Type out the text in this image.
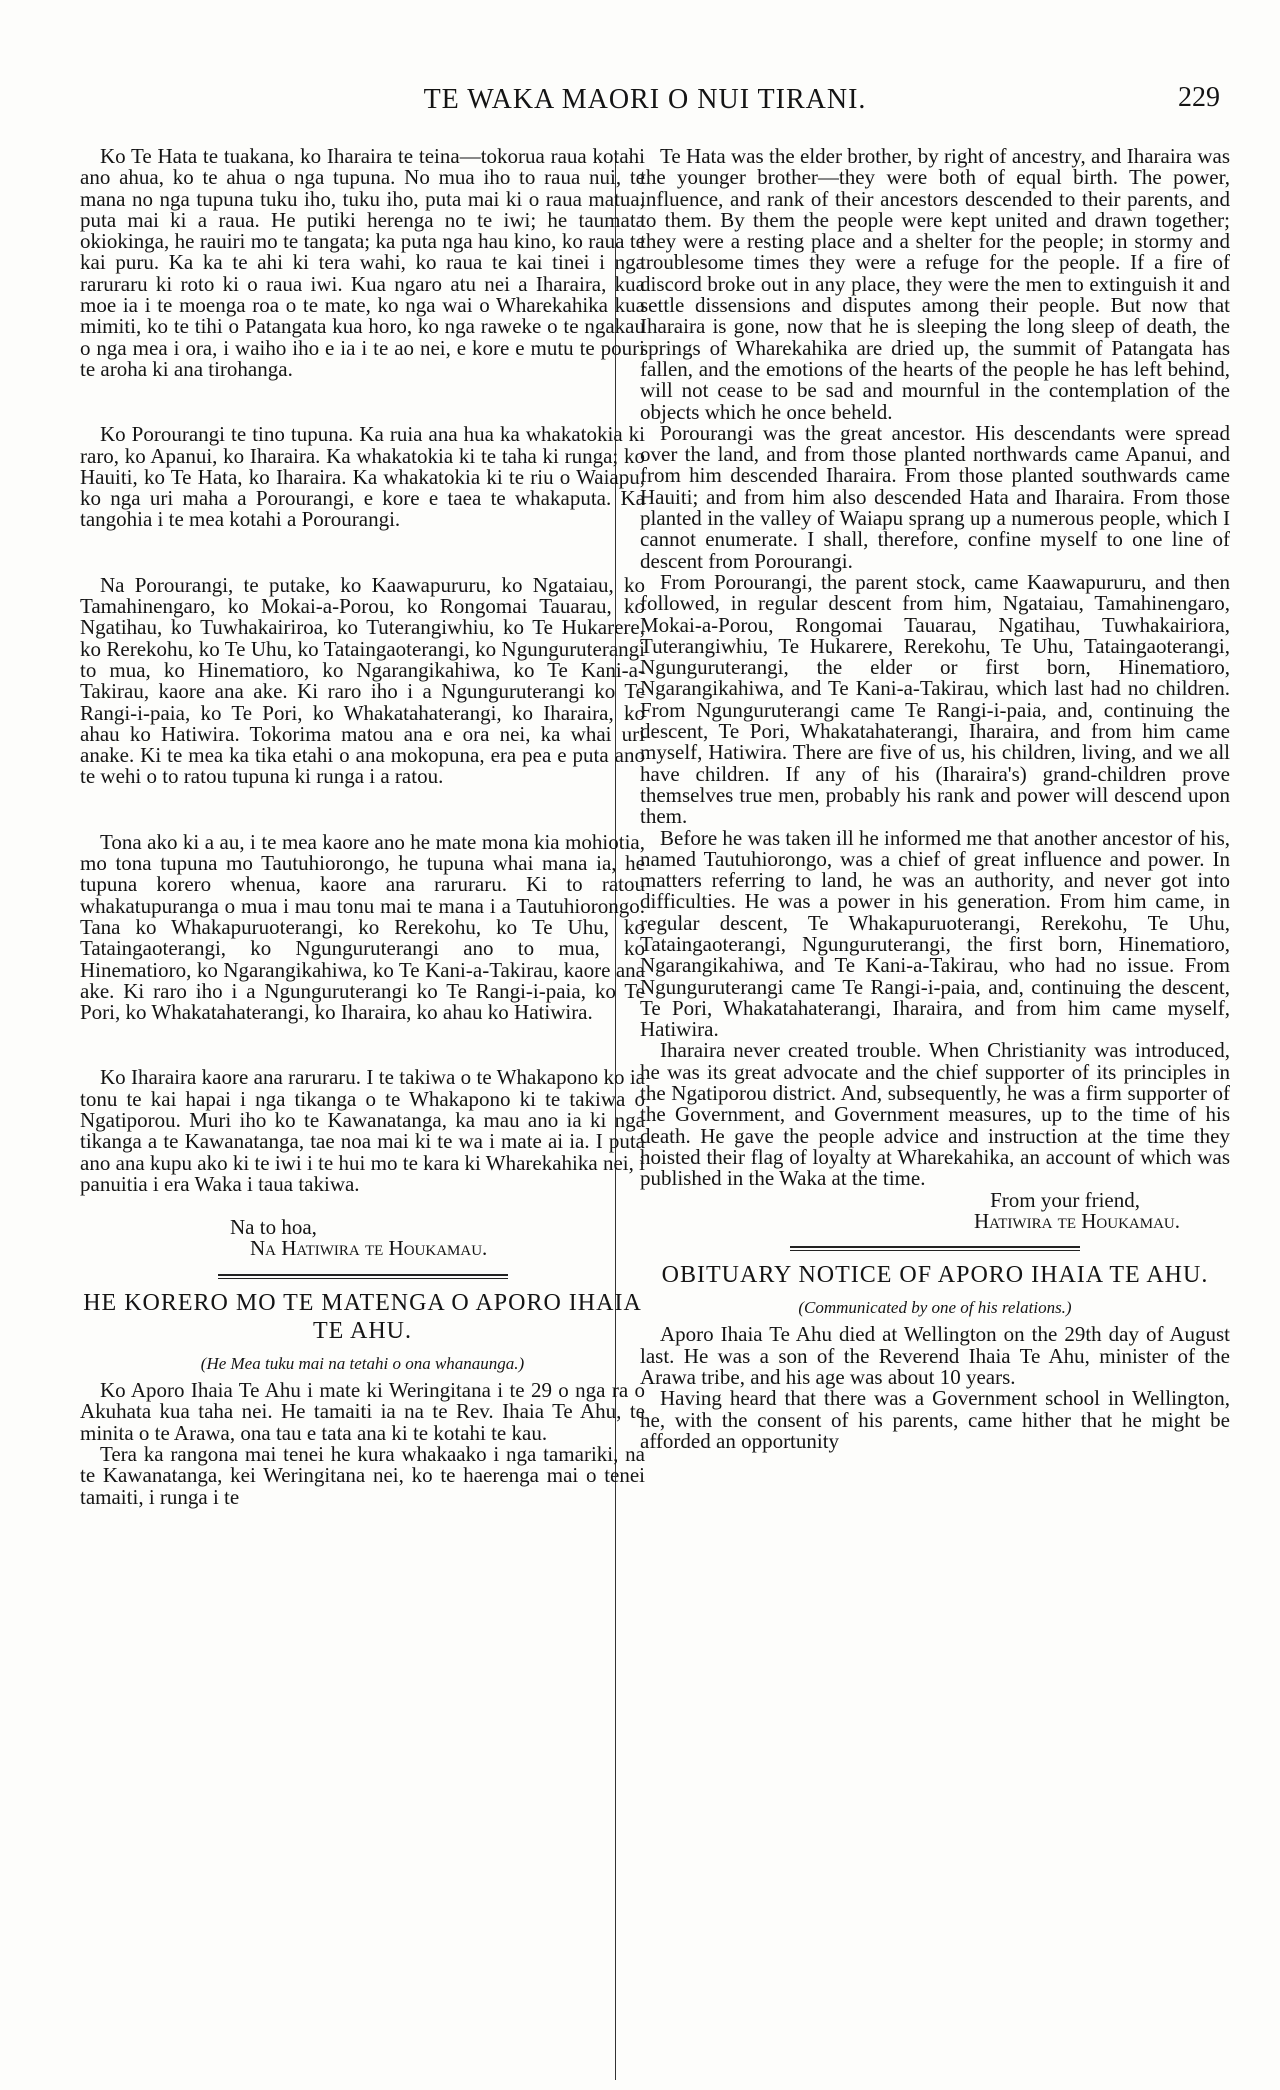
TE WAKA MAORI O NUI TIRANI.	229

Ko Te Hata te tuakana, ko Iharaira te teina—tokorua raua kotahi ano ahua, ko te ahua o nga tupuna. No mua iho to raua nui, te mana no nga tupuna tuku iho, tuku iho, puta mai ki o raua matua, puta mai ki a raua. He putiki herenga no te iwi; he taumata okiokinga, he rauiri mo te tangata; ka puta nga hau kino, ko raua te kai puru. Ka ka te ahi ki tera wahi, ko raua te kai tinei i nga raruraru ki roto ki o raua iwi. Kua ngaro atu nei a Iharaira, kua moe ia i te moenga roa o te mate, ko nga wai o Wharekahika kua mimiti, ko te tihi o Patangata kua horo, ko nga raweke o te ngakau o nga mea i ora, i waiho iho e ia i te ao nei, e kore e mutu te pouri te aroha ki ana tirohanga.

Ko Porourangi te tino tupuna. Ka ruia ana hua ka whakatokia ki raro, ko Apanui, ko Iharaira. Ka whakatokia ki te taha ki runga; ko Hauiti, ko Te Hata, ko Iharaira. Ka whakatokia ki te riu o Waiapu, ko nga uri maha a Porourangi, e kore e taea te whakaputa. Ka tangohia i te mea kotahi a Porourangi.

Na Porourangi, te putake, ko Kaawapururu, ko Ngataiau, ko Tamahinengaro, ko Mokai-a-Porou, ko Rongomai Tauarau, ko Ngatihau, ko Tuwhakairiroa, ko Tuterangiwhiu, ko Te Hukarere, ko Rerekohu, ko Te Uhu, ko Tataingaoterangi, ko Ngunguruterangi to mua, ko Hinematioro, ko Ngarangikahiwa, ko Te Kani-a-Takirau, kaore ana ake. Ki raro iho i a Ngunguruterangi ko Te Rangi-i-paia, ko Te Pori, ko Whakatahaterangi, ko Iharaira, ko ahau ko Hatiwira. Tokorima matou ana e ora nei, ka whai uri anake. Ki te mea ka tika etahi o ana mokopuna, era pea e puta ano te wehi o to ratou tupuna ki runga i a ratou.

Tona ako ki a au, i te mea kaore ano he mate mona kia mohiotia, mo tona tupuna mo Tautuhiorongo, he tupuna whai mana ia, he tupuna korero whenua, kaore ana raruraru. Ki to ratou whakatupuranga o mua i mau tonu mai te mana i a Tautuhiorongo. Tana ko Whakapuruoterangi, ko Rerekohu, ko Te Uhu, ko Tataingaoterangi, ko Ngunguruterangi ano to mua, ko Hinematioro, ko Ngarangikahiwa, ko Te Kani-a-Takirau, kaore ana ake. Ki raro iho i a Ngunguruterangi ko Te Rangi-i-paia, ko Te Pori, ko Whakatahaterangi, ko Iharaira, ko ahau ko Hatiwira.

Ko Iharaira kaore ana raruraru. I te takiwa o te Whakapono ko ia tonu te kai hapai i nga tikanga o te Whakapono ki te takiwa o Ngatiporou. Muri iho ko te Kawanatanga, ka mau ano ia ki nga tikanga a te Kawanatanga, tae noa mai ki te wa i mate ai ia. I puta ano ana kupu ako ki te iwi i te hui mo te kara ki Wharekahika nei, i panuitia i era Waka i taua takiwa.

Na to hoa,

Na Hatiwira te Houkamau.

HE KORERO MO TE MATENGA O APORO IHAIA TE AHU.

(He Mea tuku mai na tetahi o ona whanaunga.)

Ko Aporo Ihaia Te Ahu i mate ki Weringitana i te 29 o nga ra o Akuhata kua taha nei. He tamaiti ia na te Rev. Ihaia Te Ahu, te minita o te Arawa, ona tau e tata ana ki te kotahi te kau.

Tera ka rangona mai tenei he kura whakaako i nga tamariki, na te Kawanatanga, kei Weringitana nei, ko te haerenga mai o tenei tamaiti, i runga i te

Te Hata was the elder brother, by right of ancestry, and Iharaira was the younger brother—they were both of equal birth. The power, influence, and rank of their ancestors descended to their parents, and to them. By them the people were kept united and drawn together; they were a resting place and a shelter for the people; in stormy and troublesome times they were a refuge for the people. If a fire of discord broke out in any place, they were the men to extinguish it and settle dissensions and disputes among their people. But now that Iharaira is gone, now that he is sleeping the long sleep of death, the springs of Wharekahika are dried up, the summit of Patangata has fallen, and the emotions of the hearts of the people he has left behind, will not cease to be sad and mournful in the contemplation of the objects which he once beheld.

Porourangi was the great ancestor. His descendants were spread over the land, and from those planted northwards came Apanui, and from him descended Iharaira. From those planted southwards came Hauiti; and from him also descended Hata and Iharaira. From those planted in the valley of Waiapu sprang up a numerous people, which I cannot enumerate. I shall, therefore, confine myself to one line of descent from Porourangi.

From Porourangi, the parent stock, came Kaawapururu, and then followed, in regular descent from him, Ngataiau, Tamahinengaro, Mokai-a-Porou, Rongomai Tauarau, Ngatihau, Tuwhakairiora, Tuterangiwhiu, Te Hukarere, Rerekohu, Te Uhu, Tataingaoterangi, Ngunguruterangi, the elder or first born, Hinematioro, Ngarangikahiwa, and Te Kani-a-Takirau, which last had no children. From Ngunguruterangi came Te Rangi-i-paia, and, continuing the descent, Te Pori, Whakatahaterangi, Iharaira, and from him came myself, Hatiwira. There are five of us, his children, living, and we all have children. If any of his (Iharaira's) grand-children prove themselves true men, probably his rank and power will descend upon them.

Before he was taken ill he informed me that another ancestor of his, named Tautuhiorongo, was a chief of great influence and power. In matters referring to land, he was an authority, and never got into difficulties. He was a power in his generation. From him came, in regular descent, Te Whakapuruoterangi, Rerekohu, Te Uhu, Tataingaoterangi, Ngunguruterangi, the first born, Hinematioro, Ngarangikahiwa, and Te Kani-a-Takirau, who had no issue. From Ngunguruterangi came Te Rangi-i-paia, and, continuing the descent, Te Pori, Whakatahaterangi, Iharaira, and from him came myself, Hatiwira.

Iharaira never created trouble. When Christianity was introduced, he was its great advocate and the chief supporter of its principles in the Ngatiporou district. And, subsequently, he was a firm supporter of the Government, and Government measures, up to the time of his death. He gave the people advice and instruction at the time they hoisted their flag of loyalty at Wharekahika, an account of which was published in the Waka at the time.

From your friend,

Hatiwira te Houkamau.

OBITUARY NOTICE OF APORO IHAIA TE AHU.

(Communicated by one of his relations.)

Aporo Ihaia Te Ahu died at Wellington on the 29th day of August last. He was a son of the Reverend Ihaia Te Ahu, minister of the Arawa tribe, and his age was about 10 years.

Having heard that there was a Government school in Wellington, he, with the consent of his parents, came hither that he might be afforded an opportunity
